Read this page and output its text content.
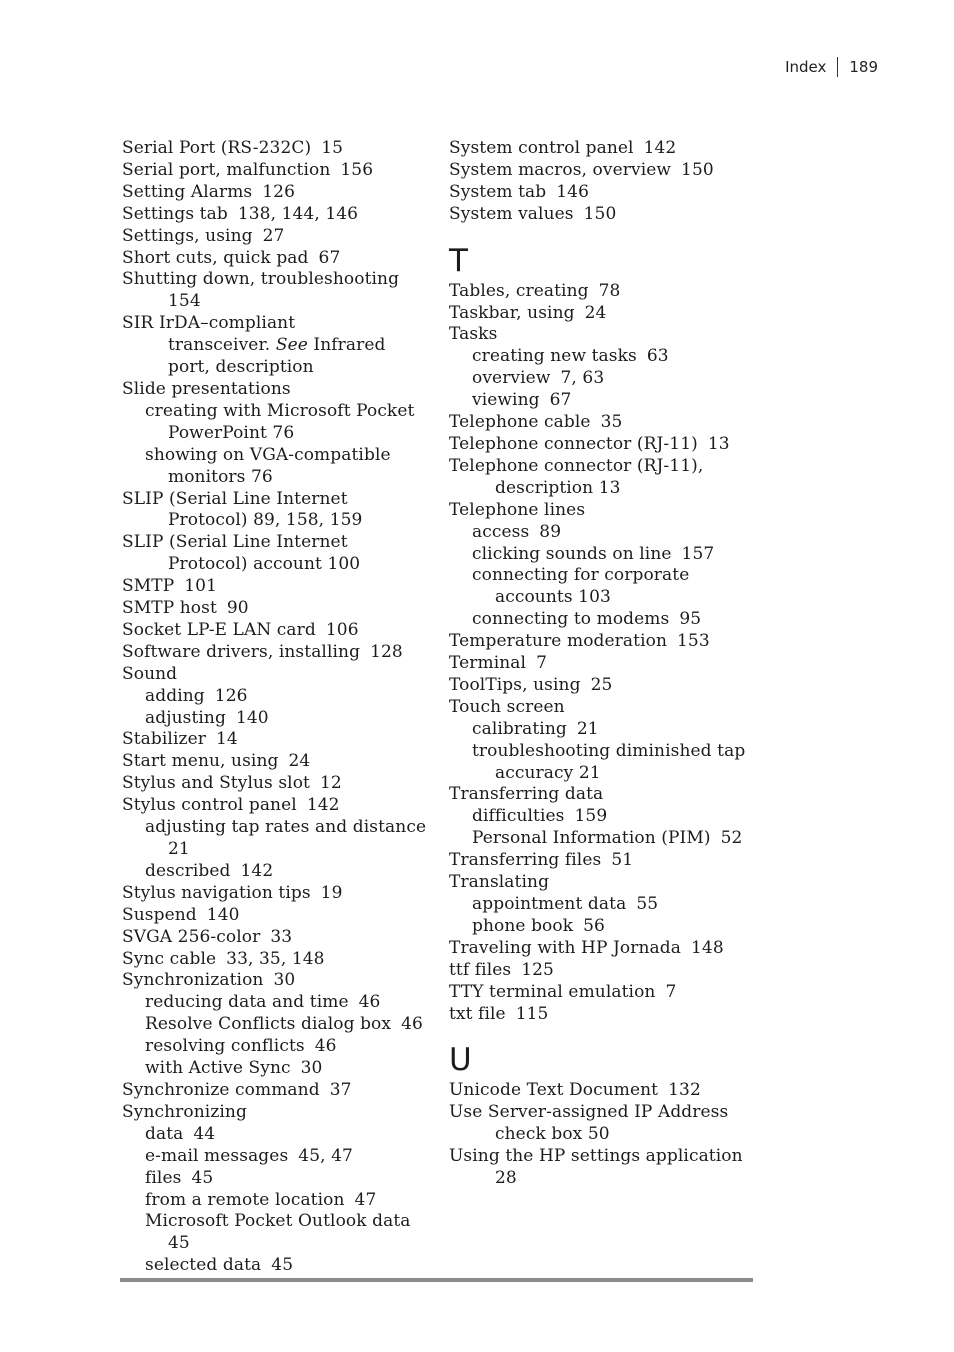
Index 189
Serial Port (RS-232C) 15
Serial port, malfunction 156
Setting Alarms 126
Settings tab 138, 144, 146
Settings, using 27
Short cuts, quick pad 67
Shutting down, troubleshooting
154
SIR IrDA–compliant
transceiver. See Infrared
port, description
Slide presentations
creating with Microsoft Pocket
PowerPoint 76
showing on VGA-compatible
monitors 76
SLIP (Serial Line Internet
Protocol) 89, 158, 159
SLIP (Serial Line Internet
Protocol) account 100
SMTP 101
SMTP host 90
Socket LP-E LAN card 106
Software drivers, installing 128
Sound
adding 126
adjusting 140
Stabilizer 14
Start menu, using 24
Stylus and Stylus slot 12
Stylus control panel 142
adjusting tap rates and distance
21
described 142
Stylus navigation tips 19
Suspend 140
SVGA 256-color 33
Sync cable 33, 35, 148
Synchronization 30
reducing data and time 46
Resolve Conflicts dialog box 46
resolving conflicts 46
with Active Sync 30
Synchronize command 37
Synchronizing
data 44
e-mail messages 45, 47
files 45
from a remote location 47
Microsoft Pocket Outlook data
45
selected data 45
System control panel 142
System macros, overview 150
System tab 146
System values 150
T
Tables, creating 78
Taskbar, using 24
Tasks
creating new tasks 63
overview 7, 63
viewing 67
Telephone cable 35
Telephone connector (RJ-11) 13
Telephone connector (RJ-11),
description 13
Telephone lines
access 89
clicking sounds on line 157
connecting for corporate
accounts 103
connecting to modems 95
Temperature moderation 153
Terminal 7
ToolTips, using 25
Touch screen
calibrating 21
troubleshooting diminished tap
accuracy 21
Transferring data
difficulties 159
Personal Information (PIM) 52
Transferring files 51
Translating
appointment data 55
phone book 56
Traveling with HP Jornada 148
ttf files 125
TTY terminal emulation 7
txt file 115
U
Unicode Text Document 132
Use Server-assigned IP Address
check box 50
Using the HP settings application
28
